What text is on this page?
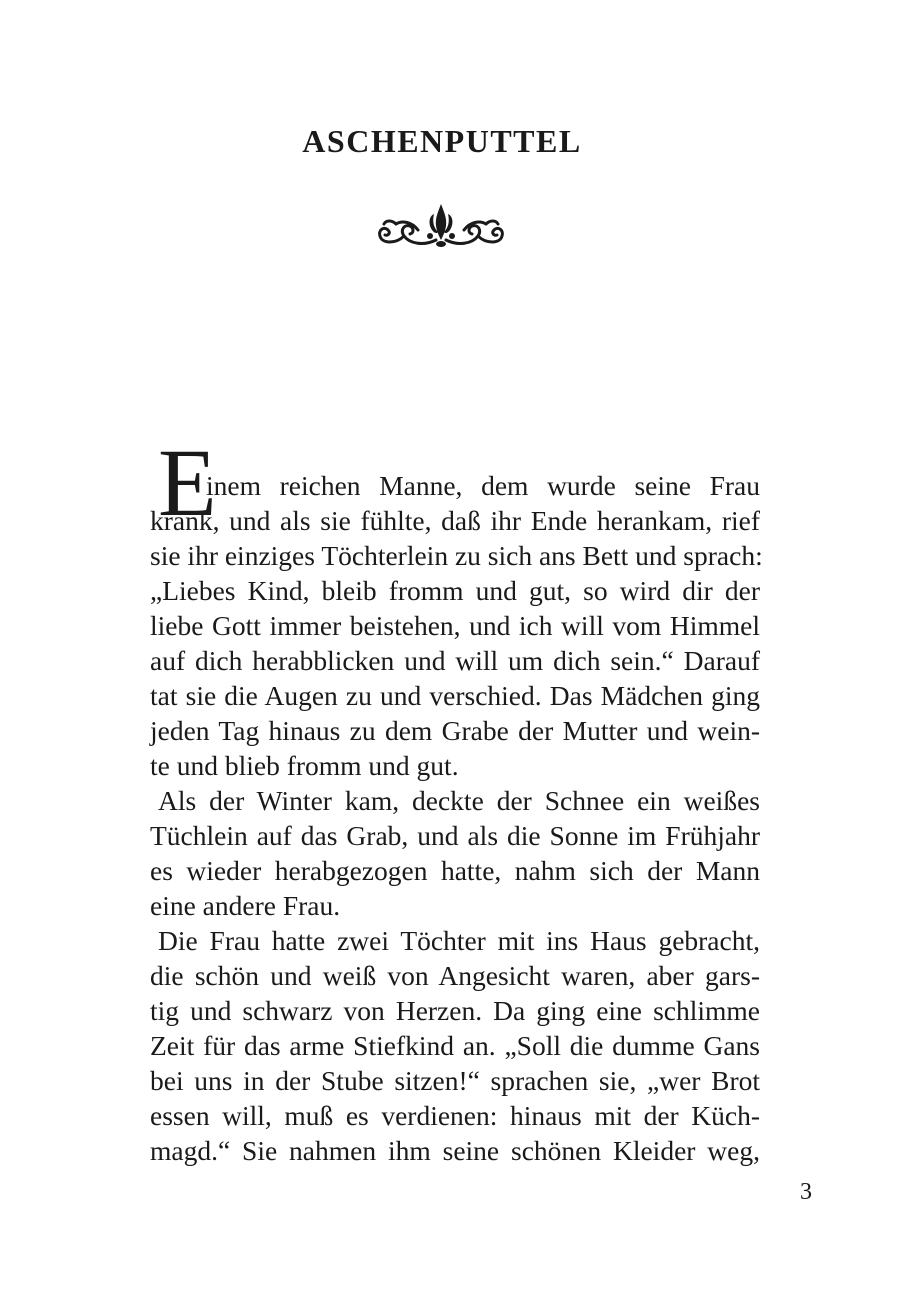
ASCHENPUTTEL
E
inem reichen Manne, dem wurde seine Frau
krank, und als sie fühlte, daß ihr Ende herankam, rief
sie ihr einziges Töchterlein zu sich ans Bett und sprach:
„Liebes Kind, bleib fromm und gut, so wird dir der
liebe Gott immer beistehen, und ich will vom Himmel
auf dich herabblicken und will um dich sein.“ Darauf
tat sie die Augen zu und verschied. Das Mädchen ging
jeden Tag hinaus zu dem Grabe der Mutter und wein-
te und blieb fromm und gut.
Als der Winter kam, deckte der Schnee ein weißes
Tüchlein auf das Grab, und als die Sonne im Frühjahr
es wieder herabgezogen hatte, nahm sich der Mann
eine andere Frau.
Die Frau hatte zwei Töchter mit ins Haus gebracht,
die schön und weiß von Angesicht waren, aber gars-
tig und schwarz von Herzen. Da ging eine schlimme
Zeit für das arme Stiefkind an. „Soll die dumme Gans
bei uns in der Stube sitzen!“ sprachen sie, „wer Brot
essen will, muß es verdienen: hinaus mit der Küch-
magd.“ Sie nahmen ihm seine schönen Kleider weg,
3
